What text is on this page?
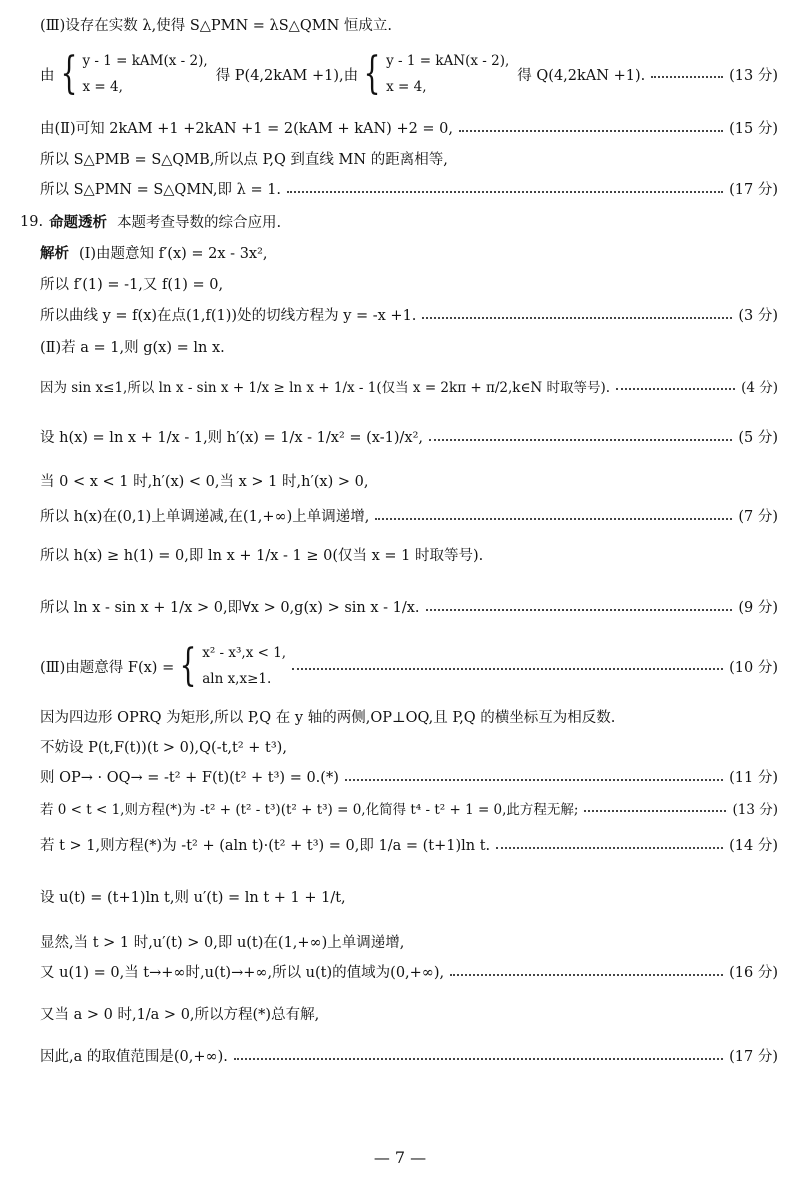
(Ⅲ)设存在实数 λ,使得 S△PMN = λS△QMN 恒成立.
由 { y - 1 = kAM(x - 2),
x = 4,
得 P(4,2kAM +1),由 { y - 1 = kAN(x - 2),
x = 4,
得 Q(4,2kAN +1).	(13 分)
由(Ⅱ)可知 2kAM +1 +2kAN +1 = 2(kAM + kAN) +2 = 0,	(15 分)
所以 S△PMB = S△QMB,所以点 P,Q 到直线 MN 的距离相等,
所以 S△PMN = S△QMN,即 λ = 1.	(17 分)
19. 命题透析 本题考查导数的综合应用.
解析 (Ⅰ)由题意知 f′(x) = 2x - 3x²,
所以 f′(1) = -1,又 f(1) = 0,
所以曲线 y = f(x)在点(1,f(1))处的切线方程为 y = -x +1.	(3 分)
(Ⅱ)若 a = 1,则 g(x) = ln x.
因为 sin x≤1,所以 ln x - sin x + 1/x ≥ ln x + 1/x - 1(仅当 x = 2kπ + π/2,k∈N 时取等号).	(4 分)
设 h(x) = ln x + 1/x - 1,则 h′(x) = 1/x - 1/x² = (x-1)/x²,	(5 分)
当 0 < x < 1 时,h′(x) < 0,当 x > 1 时,h′(x) > 0,
所以 h(x)在(0,1)上单调递减,在(1,+∞)上单调递增,	(7 分)
所以 h(x) ≥ h(1) = 0,即 ln x + 1/x - 1 ≥ 0(仅当 x = 1 时取等号).
所以 ln x - sin x + 1/x > 0,即∀x > 0,g(x) > sin x - 1/x.	(9 分)
(Ⅲ)由题意得 F(x) = { x² - x³,x < 1,
aln x,x≥1.
(10 分)
因为四边形 OPRQ 为矩形,所以 P,Q 在 y 轴的两侧,OP⊥OQ,且 P,Q 的横坐标互为相反数.
不妨设 P(t,F(t))(t > 0),Q(-t,t² + t³),
则 OP→ · OQ→ = -t² + F(t)(t² + t³) = 0.(*)	(11 分)
若 0 < t < 1,则方程(*)为 -t² + (t² - t³)(t² + t³) = 0,化简得 t⁴ - t² + 1 = 0,此方程无解;	(13 分)
若 t > 1,则方程(*)为 -t² + (aln t)·(t² + t³) = 0,即 1/a = (t+1)ln t.	(14 分)
设 u(t) = (t+1)ln t,则 u′(t) = ln t + 1 + 1/t,
显然,当 t > 1 时,u′(t) > 0,即 u(t)在(1,+∞)上单调递增,
又 u(1) = 0,当 t→+∞时,u(t)→+∞,所以 u(t)的值域为(0,+∞),	(16 分)
又当 a > 0 时,1/a > 0,所以方程(*)总有解,
因此,a 的取值范围是(0,+∞).	(17 分)
— 7 —
